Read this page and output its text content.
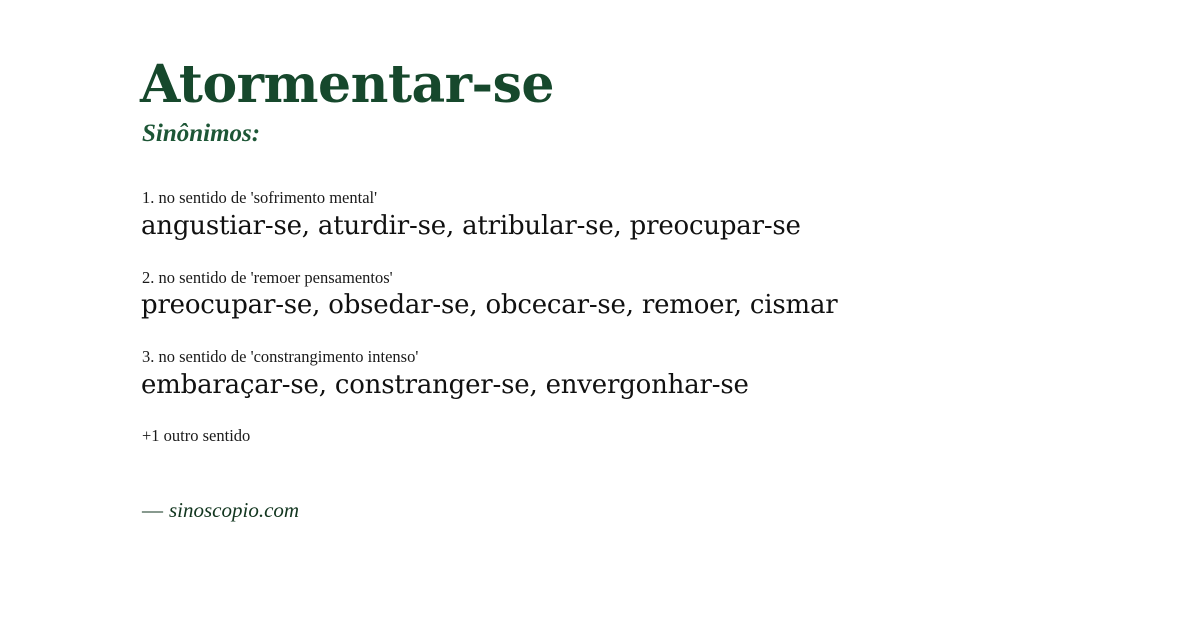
Atormentar-se
Sinônimos:
1. no sentido de 'sofrimento mental'
angustiar-se, aturdir-se, atribular-se, preocupar-se
2. no sentido de 'remoer pensamentos'
preocupar-se, obsedar-se, obcecar-se, remoer, cismar
3. no sentido de 'constrangimento intenso'
embaraçar-se, constranger-se, envergonhar-se
+1 outro sentido
— sinoscopio.com
